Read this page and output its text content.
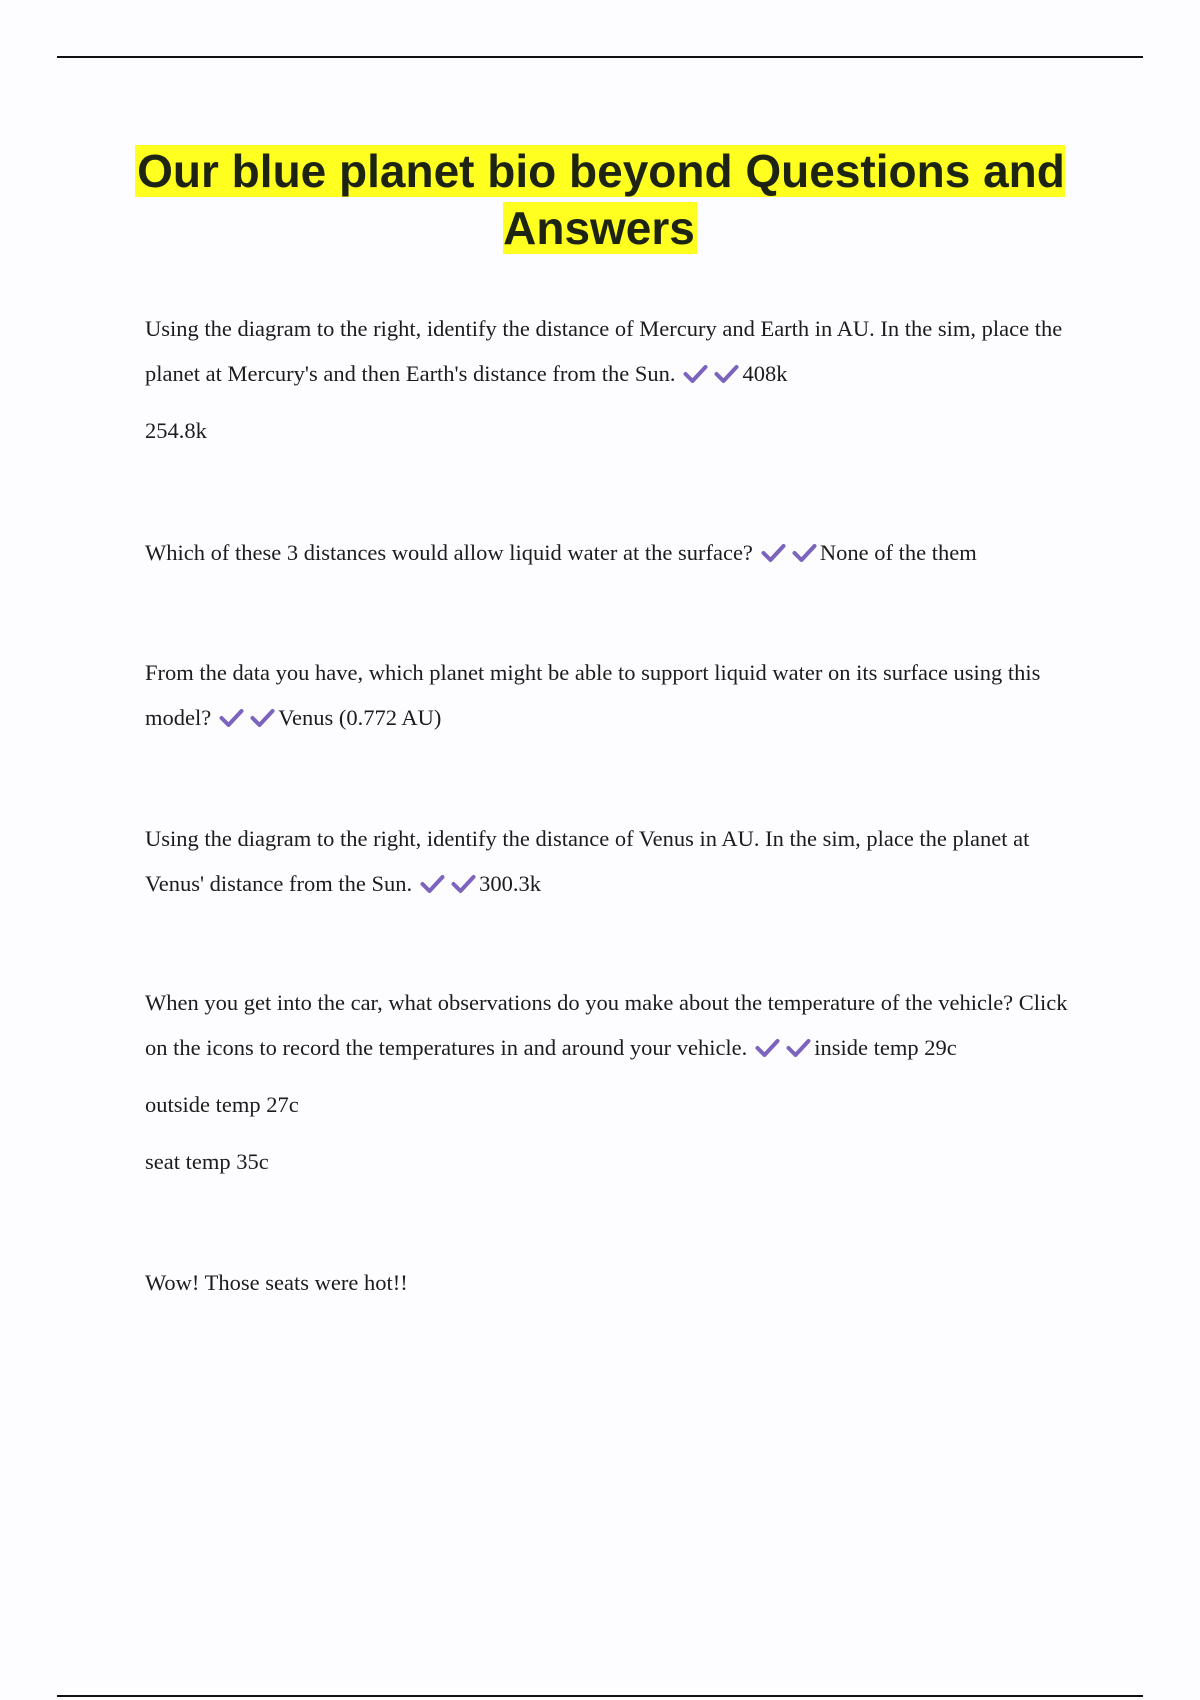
Our blue planet bio beyond Questions and Answers

Using the diagram to the right, identify the distance of Mercury and Earth in AU. In the sim, place the planet at Mercury's and then Earth's distance from the Sun.	408k

254.8k

Which of these 3 distances would allow liquid water at the surface?	None of the them

From the data you have, which planet might be able to support liquid water on its surface using this model?	Venus (0.772 AU)

Using the diagram to the right, identify the distance of Venus in AU. In the sim, place the planet at Venus' distance from the Sun.	300.3k

When you get into the car, what observations do you make about the temperature of the vehicle? Click on the icons to record the temperatures in and around your vehicle.	inside temp 29c

outside temp 27c

seat temp 35c

Wow! Those seats were hot!!
